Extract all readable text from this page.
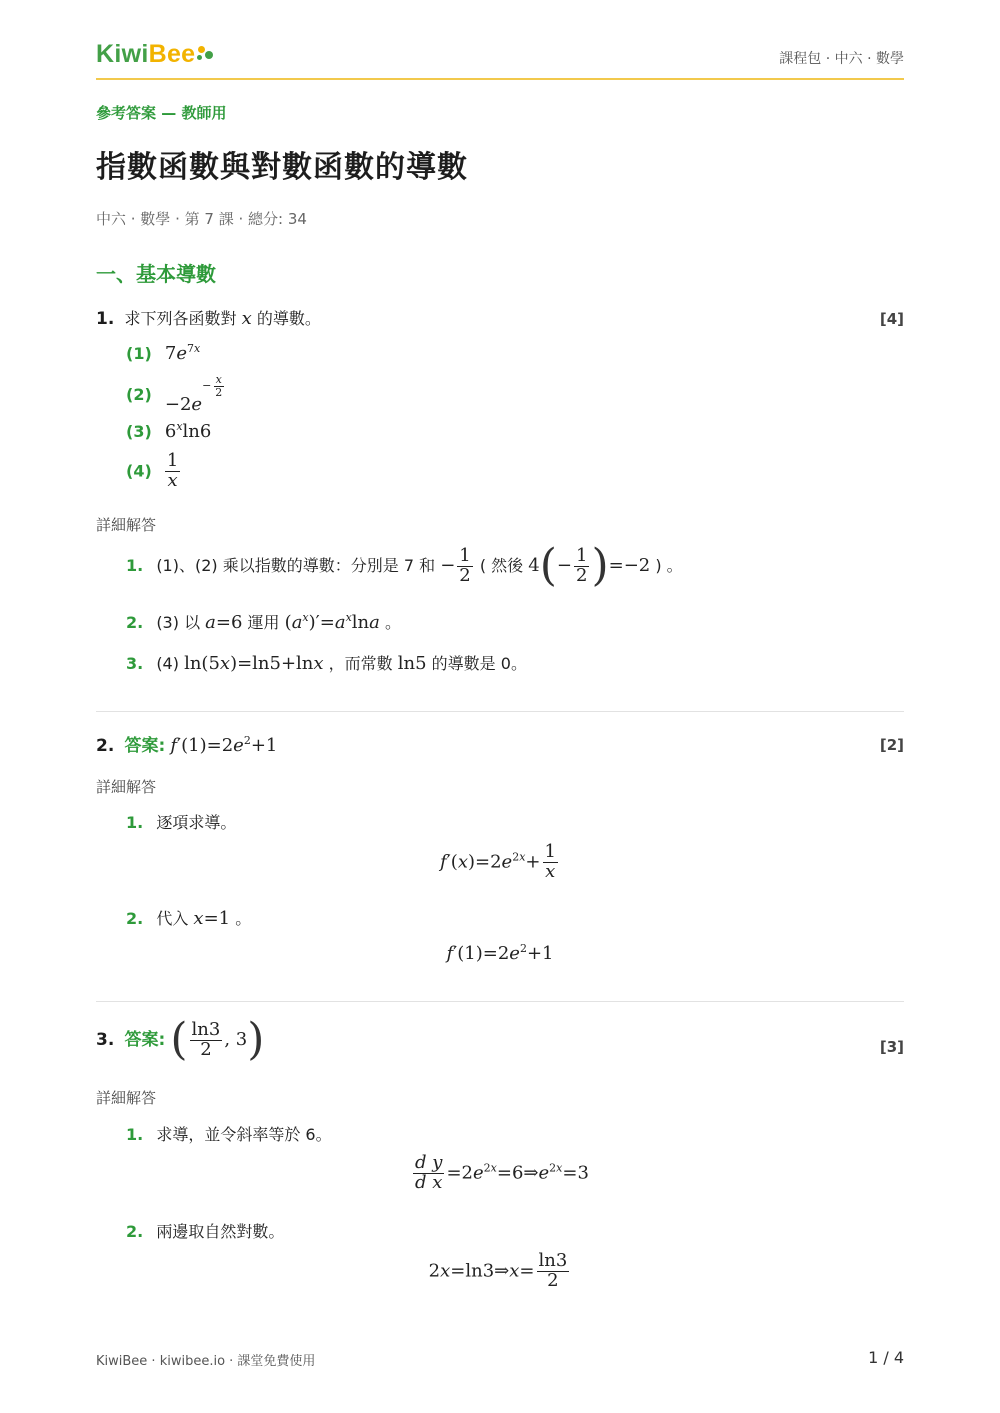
KiwiBee	課程包 · 中六 · 數學
參考答案 — 教師用
指數函數與對數函數的導數
中六 · 數學 · 第 7 課 · 總分: 34
一、基本導數
1. 求下列各函數對 x 的導數。	[4]
(1) $7e^{7x}$
$(2) -2e^{- \frac{x}{2}}$
(3) 6$^x$ln6
$(4) \frac{1}{x}$
詳細解答
1. (1)、(2) 乘以指數的導數：分別是 7 和 − $\frac{1}{2}$ ( 然後 $4(- \frac{1}{2} )=-2$ ) 。
2. (3) 以 a=6 運用 $(a^x)'=a^x\ln a$ 。
3. (4) ln(5x)=ln5+lnx ，而常數 ln5 的導數是 0。
2. 答案: $f'(1)=2e^2+1$	[2]
詳細解答
1. 逐項求導。
$f'(x)=2e^{2x}+ \frac{1}{x}$
2. 代入 x=1 。
$f'(1)=2e^2+1$
3. 答案: ( $\frac{\ln 3}{2}$ , 3)	[3]
詳細解答
1. 求導，並令斜率等於 6。
$\frac{\text{d y}}{\text{d x}}$ $=2e^{2x}=6\Rightarrow e^{2x}=3$
2. 兩邊取自然對數。
2x=ln3⇒x= $\frac{\ln 3}{2}$
KiwiBee · kiwibee.io · 課堂免費使用	1 / 4
